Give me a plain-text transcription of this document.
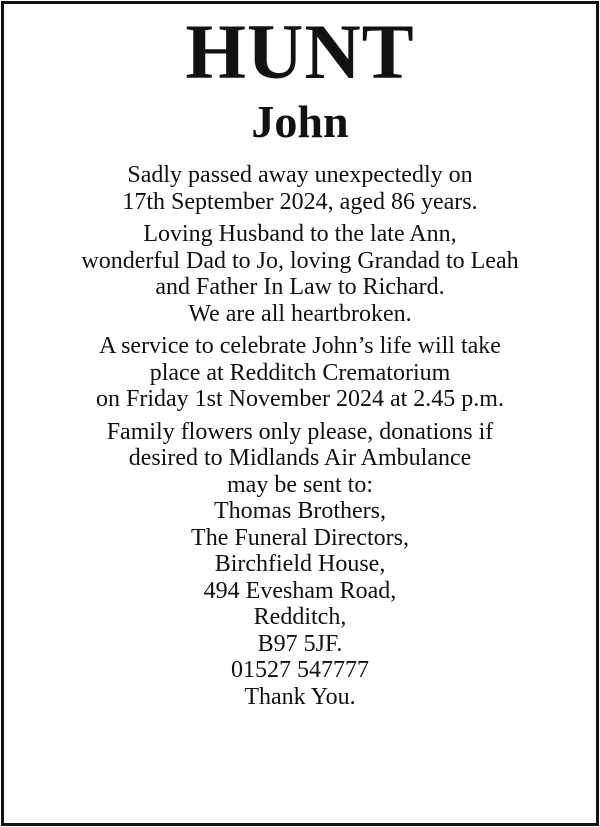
HUNT
John

Sadly passed away unexpectedly on
17th September 2024, aged 86 years.

Loving Husband to the late Ann,
wonderful Dad to Jo, loving Grandad to Leah
and Father In Law to Richard.
We are all heartbroken.

A service to celebrate John’s life will take
place at Redditch Crematorium
on Friday 1st November 2024 at 2.45 p.m.

Family flowers only please, donations if
desired to Midlands Air Ambulance
may be sent to:
Thomas Brothers,
The Funeral Directors,
Birchfield House,
494 Evesham Road,
Redditch,
B97 5JF.
01527 547777
Thank You.
